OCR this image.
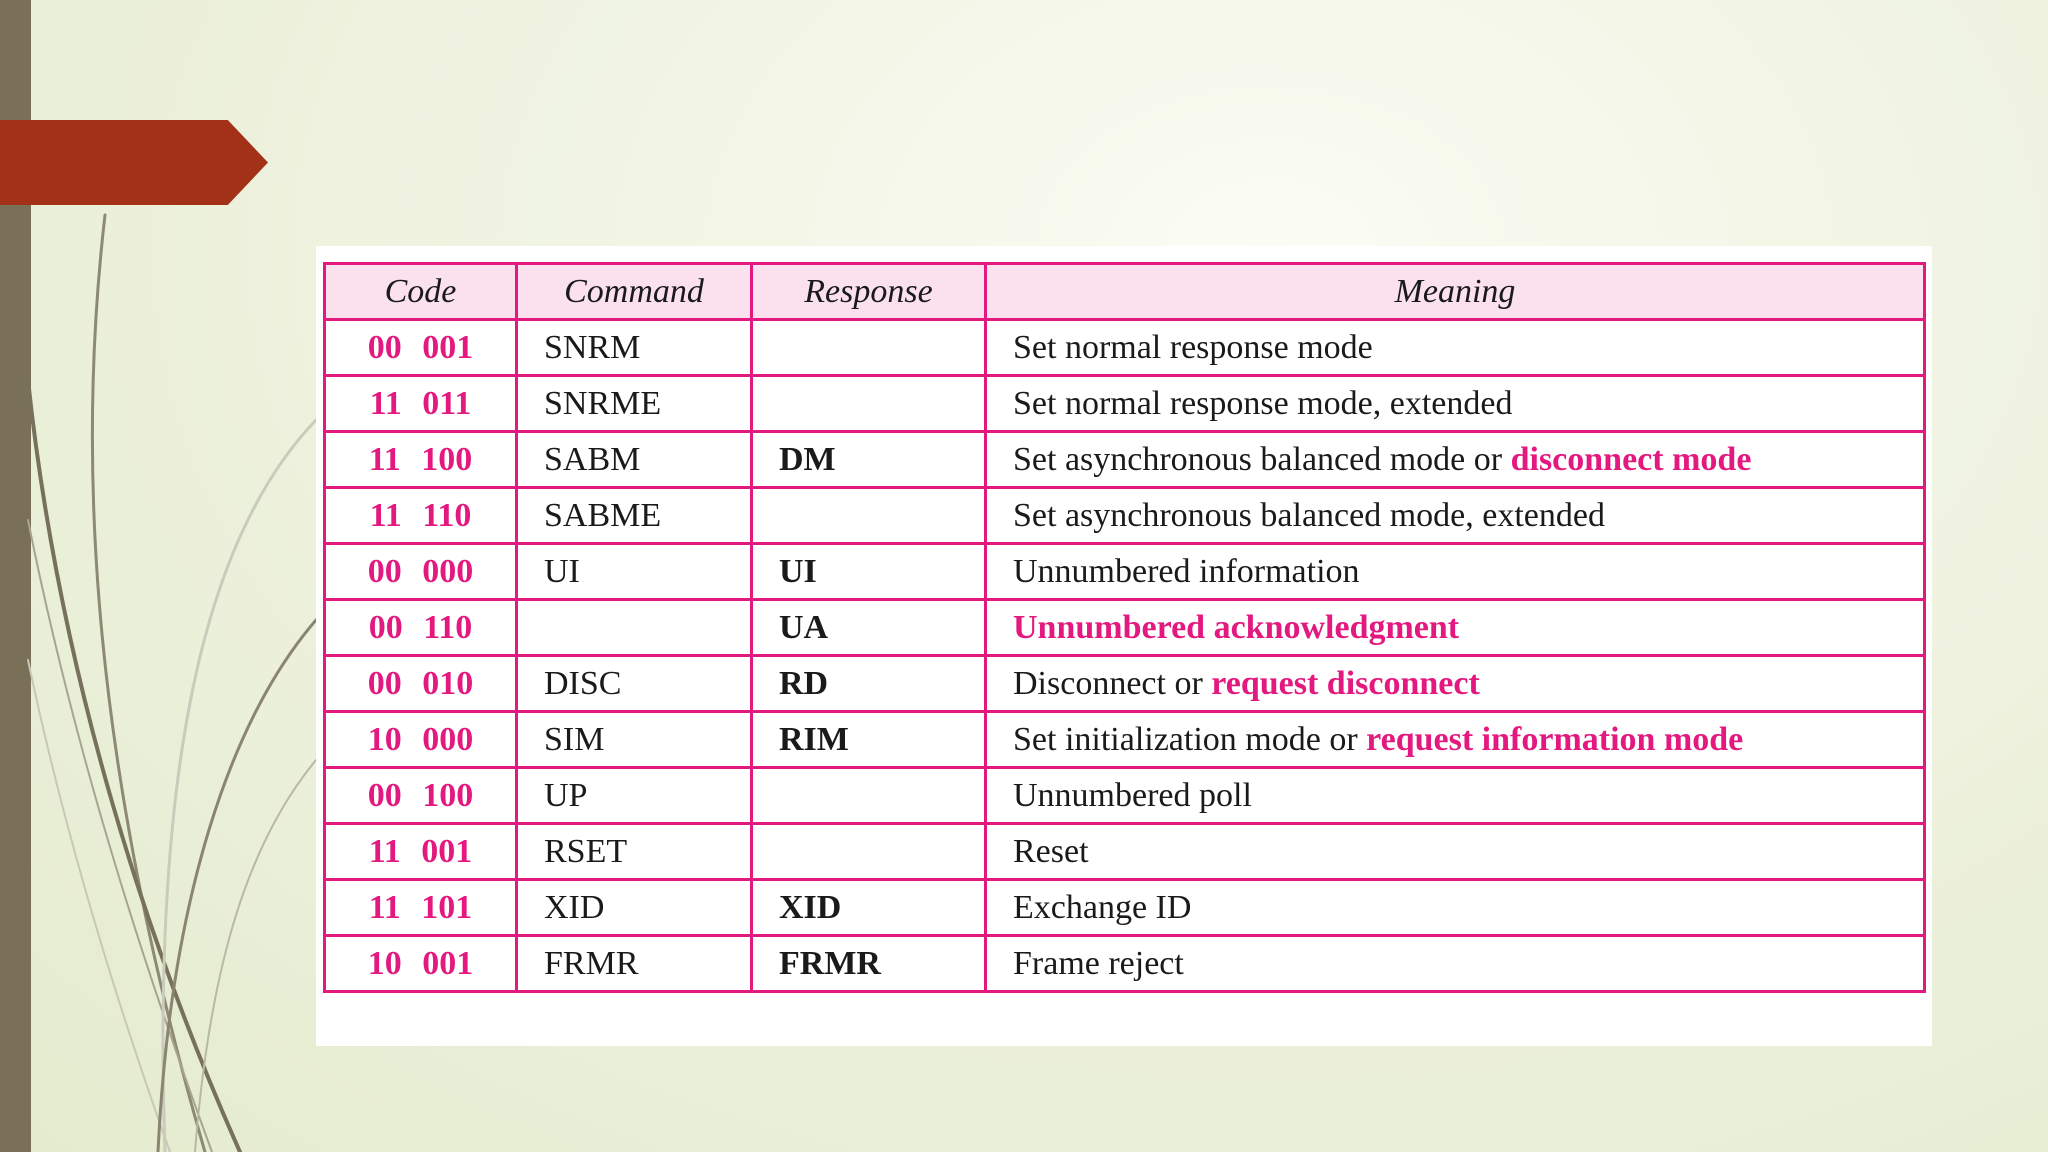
Code	Command	Response	Meaning
00 001	SNRM		Set normal response mode
11 011	SNRME		Set normal response mode, extended
11 100	SABM	DM	Set asynchronous balanced mode or disconnect mode
11 110	SABME		Set asynchronous balanced mode, extended
00 000	UI	UI	Unnumbered information
00 110		UA	Unnumbered acknowledgment
00 010	DISC	RD	Disconnect or request disconnect
10 000	SIM	RIM	Set initialization mode or request information mode
00 100	UP		Unnumbered poll
11 001	RSET		Reset
11 101	XID	XID	Exchange ID
10 001	FRMR	FRMR	Frame reject
